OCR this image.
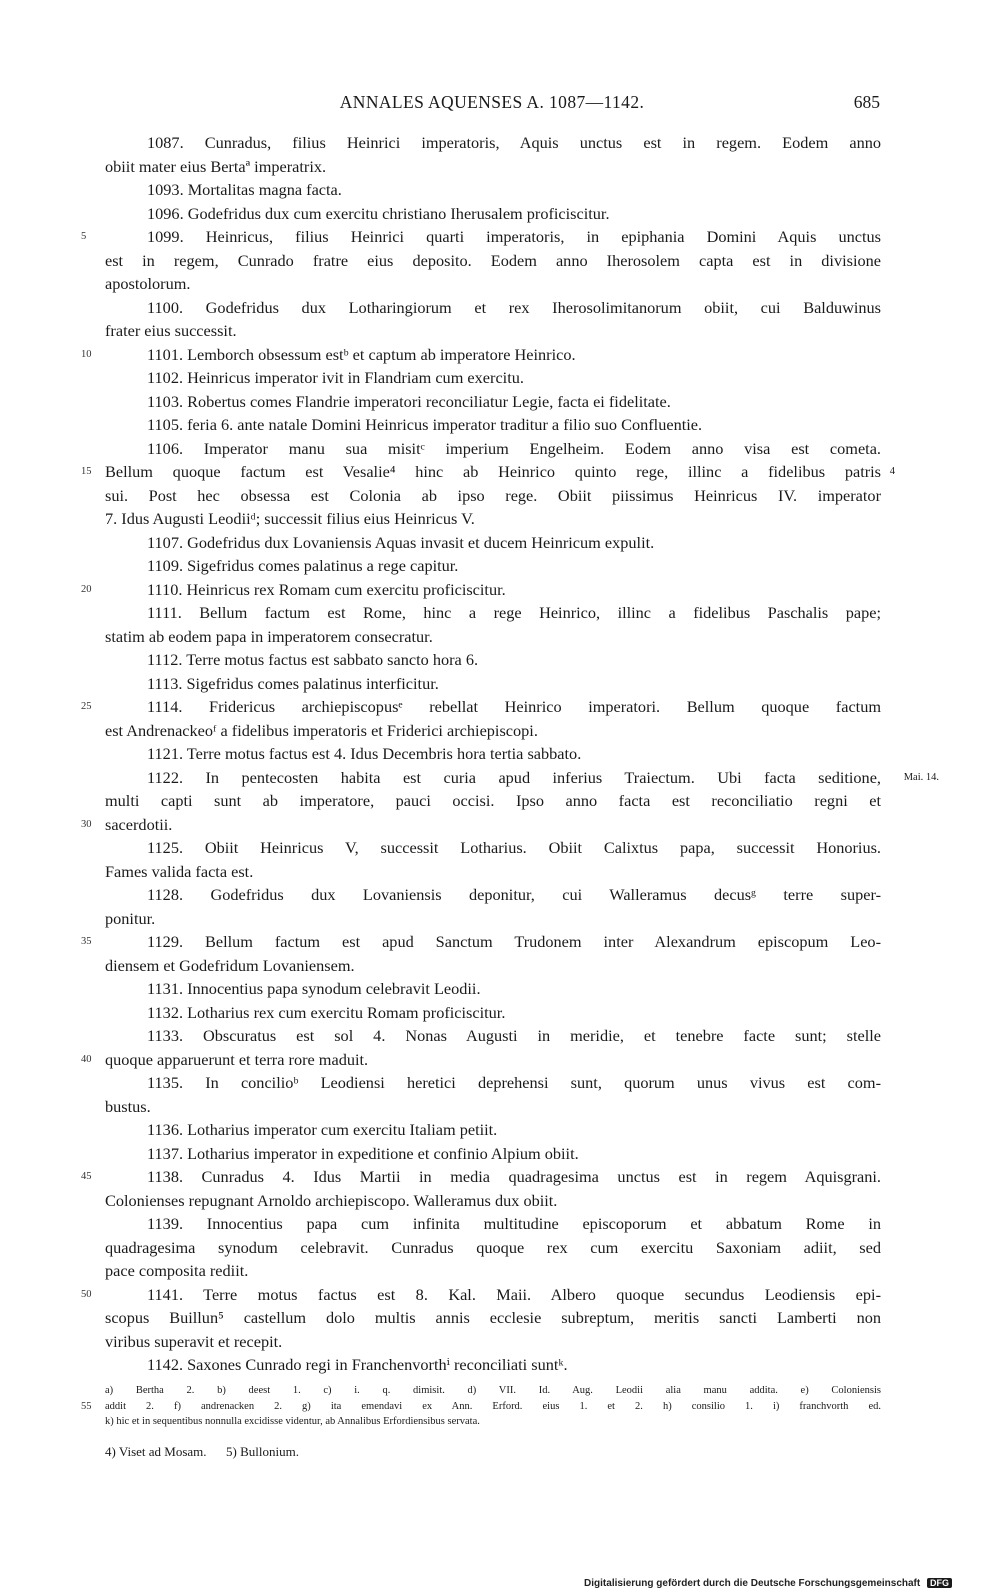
ANNALES AQUENSES A. 1087—1142.	685
1087. Cunradus, filius Heinrici imperatoris, Aquis unctus est in regem. Eodem anno
obiit mater eius Bertaª imperatrix.
1093. Mortalitas magna facta.
1096. Godefridus dux cum exercitu christiano Iherusalem proficiscitur.
1099. Heinricus, filius Heinrici quarti imperatoris, in epiphania Domini Aquis unctus
5
est in regem, Cunrado fratre eius deposito. Eodem anno Iherosolem capta est in divisione
apostolorum.
1100. Godefridus dux Lotharingiorum et rex Iherosolimitanorum obiit, cui Balduwinus
frater eius successit.
1101. Lemborch obsessum estᵇ et captum ab imperatore Heinrico.
10
1102. Heinricus imperator ivit in Flandriam cum exercitu.
1103. Robertus comes Flandrie imperatori reconciliatur Legie, facta ei fidelitate.
1105. feria 6. ante natale Domini Heinricus imperator traditur a filio suo Confluentie.
1106. Imperator manu sua misitᶜ imperium Engelheim. Eodem anno visa est cometa.
Bellum quoque factum est Vesalie⁴ hinc ab Heinrico quinto rege, illinc a fidelibus patris
15	4
sui. Post hec obsessa est Colonia ab ipso rege. Obiit piissimus Heinricus IV. imperator
7. Idus Augusti Leodiiᵈ; successit filius eius Heinricus V.
1107. Godefridus dux Lovaniensis Aquas invasit et ducem Heinricum expulit.
1109. Sigefridus comes palatinus a rege capitur.
1110. Heinricus rex Romam cum exercitu proficiscitur.
20
1111. Bellum factum est Rome, hinc a rege Heinrico, illinc a fidelibus Paschalis pape;
statim ab eodem papa in imperatorem consecratur.
1112. Terre motus factus est sabbato sancto hora 6.
1113. Sigefridus comes palatinus interficitur.
1114. Fridericus archiepiscopusᵉ rebellat Heinrico imperatori. Bellum quoque factum
25
est Andrenackeoᶠ a fidelibus imperatoris et Friderici archiepiscopi.
1121. Terre motus factus est 4. Idus Decembris hora tertia sabbato.
1122. In pentecosten habita est curia apud inferius Traiectum. Ubi facta seditione, Mai. 14.
multi capti sunt ab imperatore, pauci occisi. Ipso anno facta est reconciliatio regni et
sacerdotii.
30
1125. Obiit Heinricus V, successit Lotharius. Obiit Calixtus papa, successit Honorius.
Fames valida facta est.
1128. Godefridus dux Lovaniensis deponitur, cui Walleramus decusᵍ terre super-
ponitur.
1129. Bellum factum est apud Sanctum Trudonem inter Alexandrum episcopum Leo-
35
diensem et Godefridum Lovaniensem.
1131. Innocentius papa synodum celebravit Leodii.
1132. Lotharius rex cum exercitu Romam proficiscitur.
1133. Obscuratus est sol 4. Nonas Augusti in meridie, et tenebre facte sunt; stelle
quoque apparuerunt et terra rore maduit.
40
1135. In concilioᵇ Leodiensi heretici deprehensi sunt, quorum unus vivus est com-
bustus.
1136. Lotharius imperator cum exercitu Italiam petiit.
1137. Lotharius imperator in expeditione et confinio Alpium obiit.
1138. Cunradus 4. Idus Martii in media quadragesima unctus est in regem Aquisgrani.
45
Colonienses repugnant Arnoldo archiepiscopo. Walleramus dux obiit.
1139. Innocentius papa cum infinita multitudine episcoporum et abbatum Rome in
quadragesima synodum celebravit. Cunradus quoque rex cum exercitu Saxoniam adiit, sed
pace composita rediit.
1141. Terre motus factus est 8. Kal. Maii. Albero quoque secundus Leodiensis epi-
50
scopus Buillun⁵ castellum dolo multis annis ecclesie subreptum, meritis sancti Lamberti non
viribus superavit et recepit.
1142. Saxones Cunrado regi in Franchenvorthⁱ reconciliati suntᵏ.
a) Bertha 2. b) deest 1. c) i. q. dimisit. d) VII. Id. Aug. Leodii alia manu addita. e) Coloniensis
addit 2. f) andrenacken 2. g) ita emendavi ex Ann. Erford. eius 1. et 2. h) consilio 1. i) franchvorth ed.
55
k) hic et in sequentibus nonnulla excidisse videntur, ab Annalibus Erfordiensibus servata.
4) Viset ad Mosam.      5) Bullonium.
Digitalisierung gefördert durch die Deutsche Forschungsgemeinschaft DFG
